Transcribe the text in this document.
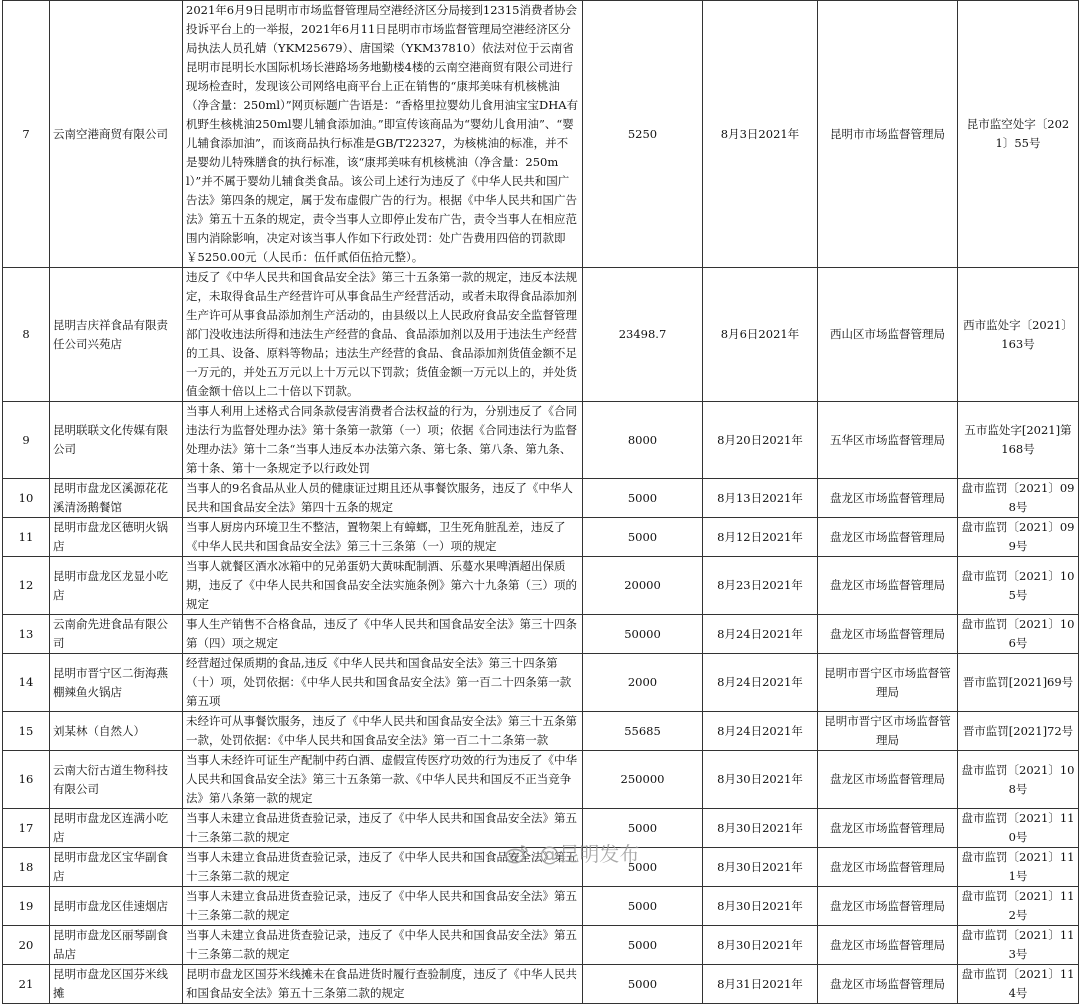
7	云南空港商贸有限公司	2021年6月9日昆明市市场监督管理局空港经济区分局接到12315消费者协会投诉平台上的一举报，2021年6月11日昆明市市场监督管理局空港经济区分局执法人员孔婧（YKM25679）、唐国梁（YKM37810）依法对位于云南省昆明市昆明长水国际机场长港路场务地勤楼4楼的云南空港商贸有限公司进行现场检查时，发现该公司网络电商平台上正在销售的“康邦美味有机核桃油（净含量：250ml）”网页标题广告语是：“香格里拉婴幼儿食用油宝宝DHA有机野生核桃油250ml婴儿辅食添加油。”即宣传该商品为“婴幼儿食用油”、“婴儿辅食添加油”，而该商品执行标准是GB/T22327，为核桃油的标准，并不是婴幼儿特殊膳食的执行标准，该“康邦美味有机核桃油（净含量：250ml）”并不属于婴幼儿辅食类食品。该公司上述行为违反了《中华人民共和国广告法》第四条的规定，属于发布虚假广告的行为。根据《中华人民共和国广告法》第五十五条的规定，责令当事人立即停止发布广告，责令当事人在相应范围内消除影响，决定对该当事人作如下行政处罚：处广告费用四倍的罚款即￥5250.00元（人民币：伍仟贰佰伍拾元整）。	5250	8月3日2021年	昆明市市场监督管理局	昆市监空处字〔2021〕55号
8	昆明吉庆祥食品有限责任公司兴苑店	违反了《中华人民共和国食品安全法》第三十五条第一款的规定，违反本法规定，未取得食品生产经营许可从事食品生产经营活动，或者未取得食品添加剂生产许可从事食品添加剂生产活动的，由县级以上人民政府食品安全监督管理部门没收违法所得和违法生产经营的食品、食品添加剂以及用于违法生产经营的工具、设备、原料等物品；违法生产经营的食品、食品添加剂货值金额不足一万元的，并处五万元以上十万元以下罚款；货值金额一万元以上的，并处货值金额十倍以上二十倍以下罚款。	23498.7	8月6日2021年	西山区市场监督管理局	西市监处字〔2021〕163号
9	昆明联联文化传媒有限公司	当事人利用上述格式合同条款侵害消费者合法权益的行为，分别违反了《合同违法行为监督处理办法》第十条第一款第（一）项；依据《合同违法行为监督处理办法》第十二条“当事人违反本办法第六条、第七条、第八条、第九条、第十条、第十一条规定予以行政处罚	8000	8月20日2021年	五华区市场监督管理局	五市监处字[2021]第168号
10	昆明市盘龙区溪源花花溪清汤鹅餐馆	当事人的9名食品从业人员的健康证过期且还从事餐饮服务，违反了《中华人民共和国食品安全法》第四十五条的规定	5000	8月13日2021年	盘龙区市场监督管理局	盘市监罚〔2021〕098号
11	昆明市盘龙区德明火锅店	当事人厨房内环境卫生不整洁，置物架上有蟑螂，卫生死角脏乱差，违反了《中华人民共和国食品安全法》第三十三条第（一）项的规定	5000	8月12日2021年	盘龙区市场监督管理局	盘市监罚〔2021〕099号
12	昆明市盘龙区龙显小吃店	当事人就餐区酒水冰箱中的兄弟蛋奶大黄味配制酒、乐蔓水果啤酒超出保质期，违反了《中华人民共和国食品安全法实施条例》第六十九条第（三）项的规定	20000	8月23日2021年	盘龙区市场监督管理局	盘市监罚〔2021〕105号
13	云南俞先进食品有限公司	事人生产销售不合格食品，违反了《中华人民共和国食品安全法》第三十四条第（四）项之规定	50000	8月24日2021年	盘龙区市场监督管理局	盘市监罚〔2021〕106号
14	昆明市晋宁区二街海燕棚辣鱼火锅店	经营超过保质期的食品,违反《中华人民共和国食品安全法》第三十四条第（十）项，处罚依据：《中华人民共和国食品安全法》第一百二十四条第一款第五项	2000	8月24日2021年	昆明市晋宁区市场监督管理局	晋市监罚[2021]69号
15	刘某林（自然人）	未经许可从事餐饮服务，违反了《中华人民共和国食品安全法》第三十五条第一款，处罚依据：《中华人民共和国食品安全法》第一百二十二条第一款	55685	8月24日2021年	昆明市晋宁区市场监督管理局	晋市监罚[2021]72号
16	云南大衍古道生物科技有限公司	当事人未经许可证生产配制中药白酒、虚假宣传医疗功效的行为违反了《中华人民共和国食品安全法》第三十五条第一款、《中华人民共和国反不正当竞争法》第八条第一款的规定	250000	8月30日2021年	盘龙区市场监督管理局	盘市监罚〔2021〕108号
17	昆明市盘龙区连满小吃店	当事人未建立食品进货查验记录，违反了《中华人民共和国食品安全法》第五十三条第二款的规定	5000	8月30日2021年	盘龙区市场监督管理局	盘市监罚〔2021〕110号
18	昆明市盘龙区宝华副食店	当事人未建立食品进货查验记录，违反了《中华人民共和国食品安全法》第五十三条第二款的规定	5000	8月30日2021年	盘龙区市场监督管理局	盘市监罚〔2021〕111号
19	昆明市盘龙区佳速烟店	当事人未建立食品进货查验记录，违反了《中华人民共和国食品安全法》第五十三条第二款的规定	5000	8月30日2021年	盘龙区市场监督管理局	盘市监罚〔2021〕112号
20	昆明市盘龙区丽琴副食品店	当事人未建立食品进货查验记录，违反了《中华人民共和国食品安全法》第五十三条第二款的规定	5000	8月30日2021年	盘龙区市场监督管理局	盘市监罚〔2021〕113号
21	昆明市盘龙区国芬米线摊	昆明市盘龙区国芬米线摊未在食品进货时履行查验制度，违反了《中华人民共和国食品安全法》第五十三条第二款的规定	5000	8月31日2021年	盘龙区市场监督管理局	盘市监罚〔2021〕114号
@昆明发布
